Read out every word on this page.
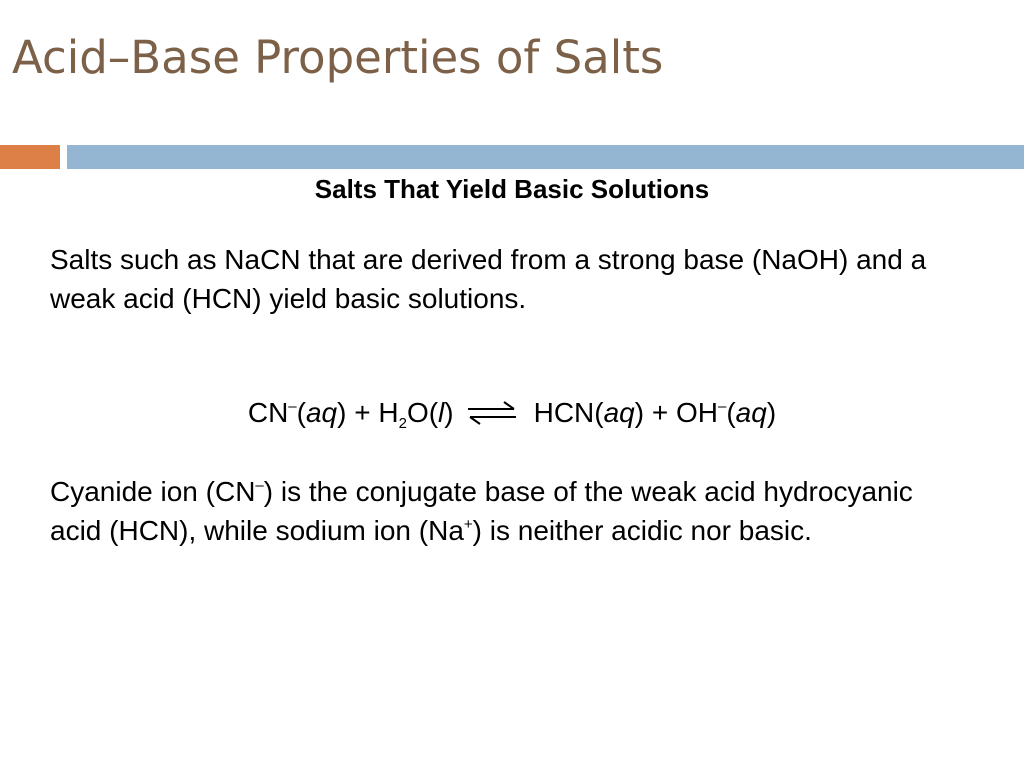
Acid–Base Properties of Salts
Salts That Yield Basic Solutions

Salts such as NaCN that are derived from a strong base (NaOH) and a weak acid (HCN) yield basic solutions.

$CN^-(aq) + H_2O(l)$ ⇌ HCN(aq) + OH–(aq)

Cyanide ion (CN–) is the conjugate base of the weak acid hydrocyanic acid (HCN), while sodium ion (Na+) is neither acidic nor basic.
